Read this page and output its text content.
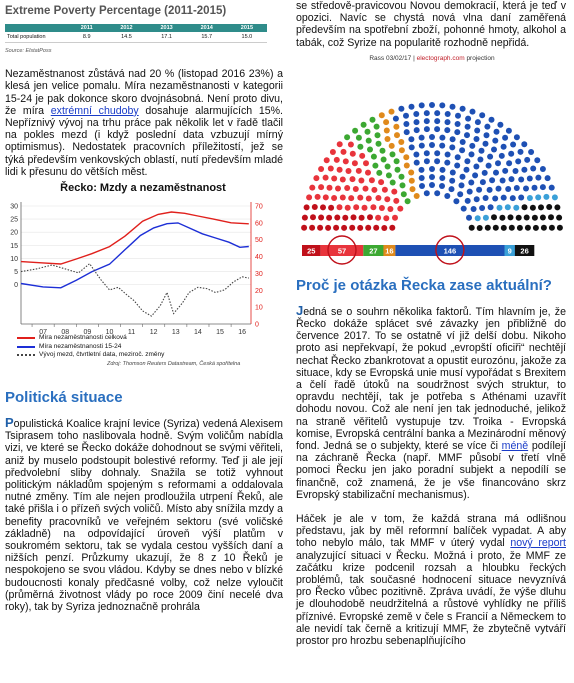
Extreme Poverty Percentage (2011-2015)
	2011	2012	2013	2014	2015
Total population	8.9	14.5	17.1	15.7	15.0
Source: ElstatPoss

Nezaměstnanost zůstává nad 20 % (listopad 2016 23%) a klesá jen velice pomalu. Míra nezaměstnanosti v kategorii 15-24 je pak dokonce skoro dvojnásobná. Není proto divu, že míra extrémní chudoby dosahuje alarmujících 15%. Nepříznivý vývoj na trhu práce pak několik let v řadě tlačil na pokles mezd (i když poslední data vzbuzují mírný optimismus). Nedostatek pracovních příležitostí, jež se týká především venkovských oblastí, nutí především mladé lidi k přesunu do větších měst.

Řecko: Mzdy a nezaměstnanost
0
5
10
15
20
25
30
0
10
20
30
40
50
60
70
07 08 09 10 11 12 13 14 15 16
Míra nezaměstnanosti celková
Míra nezaměstnanosti 15-24
Vývoj mezd, čtvrtletní data, meziroč. změny
Zdroj: Thomson Reuters Datastream, Česká spořitelna
Politická situace

Populistická Koalice krajní levice (Syriza) vedená Alexisem Tsiprasem toho naslibovala hodně. Svým voličům nabídla vizi, ve které se Řecko dokáže dohodnout se svými věřiteli, aniž by muselo podstoupit bolestivé reformy. Teď ji ale její předvolební sliby dohnaly. Snažila se totiž vyhnout politickým nákladům spojeným s reformami a oddalovala nutné změny. Tím ale nejen prodloužila utrpení Řeků, ale také přišla i o přízeň svých voličů. Místo aby snížila mzdy a benefity pracovníků ve veřejném sektoru (své voličské základně) na odpovídající úroveň výší platům v soukromém sektoru, tak se vydala cestou vyšších daní a nižších penzí. Průzkumy ukazují, že 8 z 10 Řeků je nespokojeno se svou vládou. Kdyby se dnes nebo v blízké budoucnosti konaly předčasné volby, což nelze vyloučit (průměrná životnost vlády po roce 2009 činí necelé dva roky), tak by Syriza jednoznačně prohrála

se středově-pravicovou Novou demokracií, která je teď v opozici. Navíc se chystá nová vlna daní zaměřená především na spotřební zboží, pohonné hmoty, alkohol a tabák, což Syrize na popularitě rozhodně nepřidá.

Rass 03/02/17 | electograph.com projection
25	57	27 16	146	9 26
Proč je otázka Řecka zase aktuální?

Jedná se o souhrn několika faktorů. Tím hlavním je, že Řecko dokáže splácet své závazky jen přibližně do července 2017. To se ostatně ví již delší dobu. Nikoho proto asi nepřekvapí, že pokud „evropští oficiři“ nechtějí nechat Řecko zbankrotovat a opustit eurozónu, jakože za situace, kdy se Evropská unie musí vypořádat s Brexitem a čelí řadě útoků na soudržnost svých struktur, to opravdu nechtějí, tak je potřeba s Athénami uzavřít dohodu novou. Což ale není jen tak jednoduché, jelikož na straně věřitelů vystupuje tzv. Troika - Evropská komise, Evropská centrální banka a Mezinárodní měnový fond. Jedná se o subjekty, které se více či méně podílejí na záchraně Řecka (např. MMF působí v třetí vlně pomoci Řecku jen jako poradní subjekt a nepodílí se finančně, což znamená, že je vše financováno skrz Evropský stabilizační mechanismus).

Háček je ale v tom, že každá strana má odlišnou představu, jak by měl reformní balíček vypadat. A aby toho nebylo málo, tak MMF v úterý vydal nový report analyzující situaci v Řecku. Možná i proto, že MMF ze začátku krize podcenil rozsah a hloubku řeckých problémů, tak současné hodnocení situace nevyznívá pro Řecko vůbec pozitivně. Zpráva uvádí, že výše dluhu je dlouhodobě neudržitelná a růstové vyhlídky ne příliš příznivé. Evropské země v čele s Francií a Německem to ale nevidí tak černě a kritizují MMF, že zbytečně vytváří prostor pro hrozbu sebenaplňujícího
